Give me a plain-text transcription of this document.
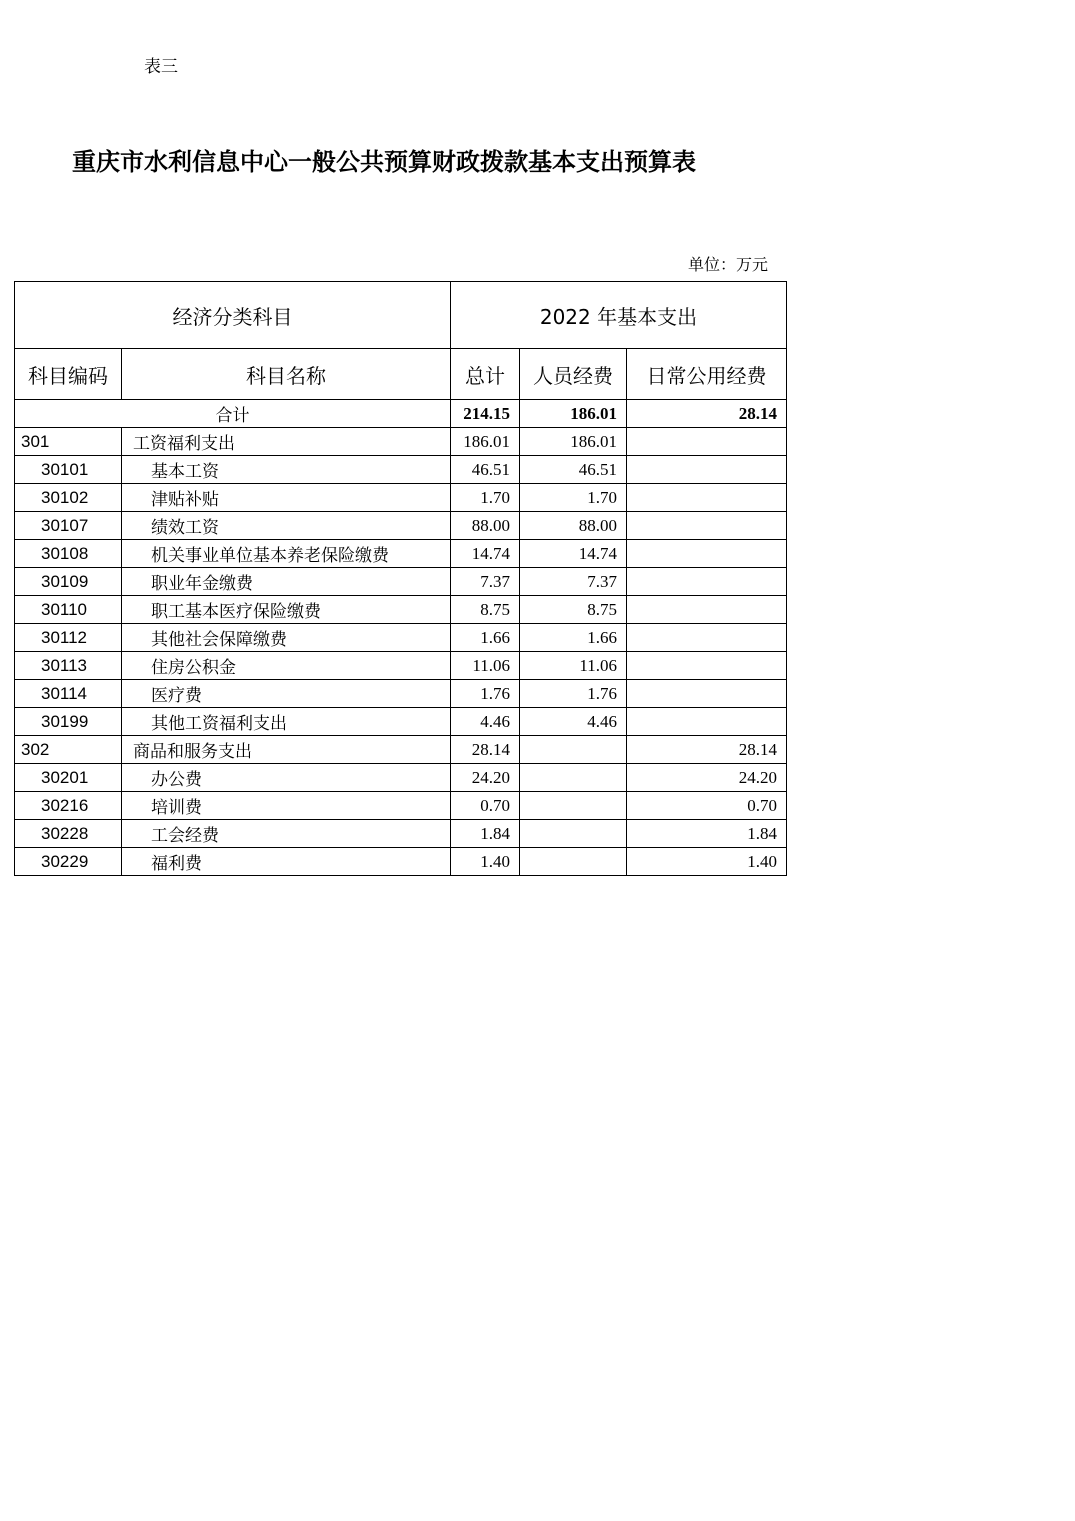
表三
重庆市水利信息中心一般公共预算财政拨款基本支出预算表
单位：万元
经济分类科目		2022 年基本支出		
科目编码	科目名称	总计	人员经费	日常公用经费
合计		214.15	186.01	28.14
301	工资福利支出	186.01	186.01	
30101	基本工资	46.51	46.51	
30102	津贴补贴	1.70	1.70	
30107	绩效工资	88.00	88.00	
30108	机关事业单位基本养老保险缴费	14.74	14.74	
30109	职业年金缴费	7.37	7.37	
30110	职工基本医疗保险缴费	8.75	8.75	
30112	其他社会保障缴费	1.66	1.66	
30113	住房公积金	11.06	11.06	
30114	医疗费	1.76	1.76	
30199	其他工资福利支出	4.46	4.46	
302	商品和服务支出	28.14		28.14
30201	办公费	24.20		24.20
30216	培训费	0.70		0.70
30228	工会经费	1.84		1.84
30229	福利费	1.40		1.40
